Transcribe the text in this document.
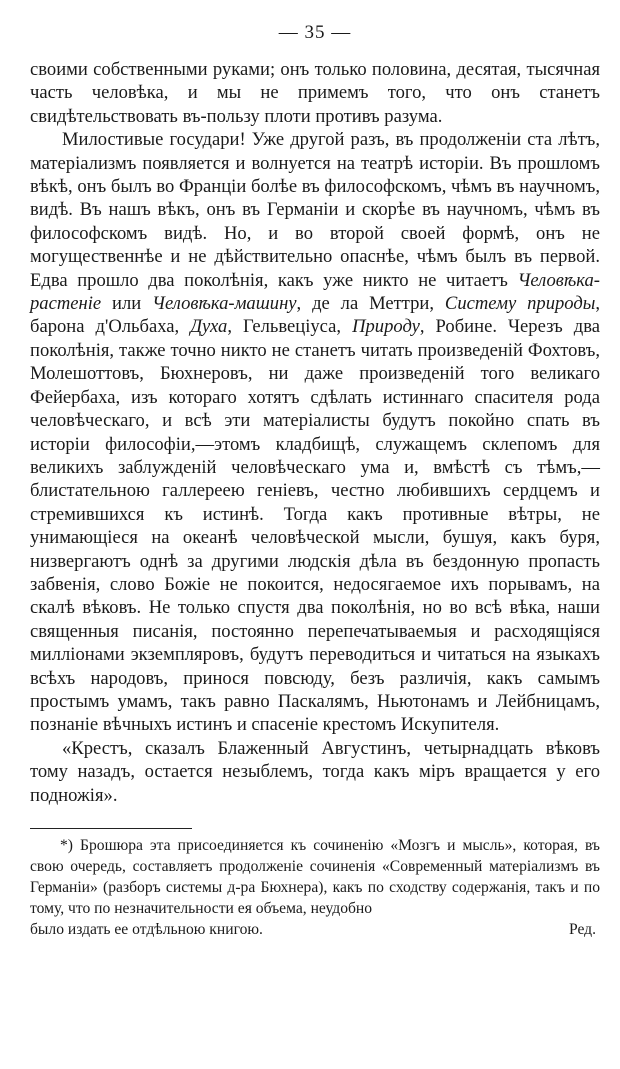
— 35 —

своими собственными руками; онъ только половина, десятая, тысячная часть человѣка, и мы не примемъ того, что онъ станетъ свидѣтельствовать въ-пользу плоти противъ разума.

Милостивые государи! Уже другой разъ, въ продолженіи ста лѣтъ, матеріализмъ появляется и волнуется на театрѣ исторіи. Въ прошломъ вѣкѣ, онъ былъ во Франціи болѣе въ философскомъ, чѣмъ въ научномъ, видѣ. Въ нашъ вѣкъ, онъ въ Германіи и скорѣе въ научномъ, чѣмъ въ философскомъ видѣ. Но, и во второй своей формѣ, онъ не могущественнѣе и не дѣйствительно опаснѣе, чѣмъ былъ въ первой. Едва прошло два поколѣнія, какъ уже никто не читаетъ Человѣка-растеніе или Человѣка-машину, де ла Меттри, Систему природы, барона д'Ольбаха, Духа, Гельвеціуса, Природу, Робине. Черезъ два поколѣнія, также точно никто не станетъ читать произведеній Фохтовъ, Молешоттовъ, Бюхнеровъ, ни даже произведеній того великаго Фейербаха, изъ котораго хотятъ сдѣлать истиннаго спасителя рода человѣческаго, и всѣ эти матеріалисты будутъ покойно спать въ исторіи философіи,—этомъ кладбищѣ, служащемъ склепомъ для великихъ заблужденій человѣческаго ума и, вмѣстѣ съ тѣмъ,—блистательною галлереею геніевъ, честно любившихъ сердцемъ и стремившихся къ истинѣ. Тогда какъ противные вѣтры, не унимающіеся на океанѣ человѣческой мысли, бушуя, какъ буря, низвергаютъ однѣ за другими людскія дѣла въ бездонную пропасть забвенія, слово Божіе не покоится, недосягаемое ихъ порывамъ, на скалѣ вѣковъ. Не только спустя два поколѣнія, но во всѣ вѣка, наши священныя писанія, постоянно перепечатываемыя и расходящіяся милліонами экземпляровъ, будутъ переводиться и читаться на языкахъ всѣхъ народовъ, принося повсюду, безъ различія, какъ самымъ простымъ умамъ, такъ равно Паскалямъ, Ньютонамъ и Лейбницамъ, познаніе вѣчныхъ истинъ и спасеніе крестомъ Искупителя.

«Крестъ, сказалъ Блаженный Августинъ, четырнадцать вѣковъ тому назадъ, остается незыблемъ, тогда какъ міръ вращается у его подножія».

*) Брошюра эта присоединяется къ сочиненію «Мозгъ и мысль», которая, въ свою очередь, составляетъ продолженіе сочиненія «Современный матеріализмъ въ Германіи» (разборъ системы д-ра Бюхнера), какъ по сходству содержанія, такъ и по тому, что по незначительности ея объема, неудобно

было издать ее отдѣльною книгою.	Ред.
